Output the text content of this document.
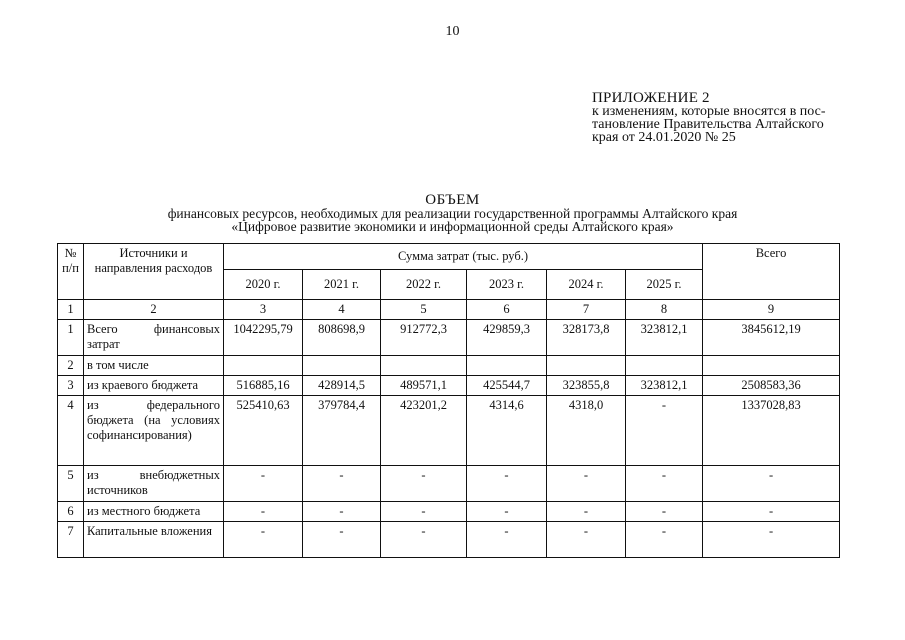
10
ПРИЛОЖЕНИЕ 2
к изменениям, которые вносятся в пос-
тановление Правительства Алтайского
края от 24.01.2020 № 25
ОБЪЕМ
финансовых ресурсов, необходимых для реализации государственной программы Алтайского края
«Цифровое развитие экономики и информационной среды Алтайского края»
№ п/п	Источники и направления расходов	Сумма затрат (тыс. руб.)						Всего
		2020 г.	2021 г.	2022 г.	2023 г.	2024 г.	2025 г.	
1	2	3	4	5	6	7	8	9
1	Всего финансовых затрат	1042295,79	808698,9	912772,3	429859,3	328173,8	323812,1	3845612,19
2	в том числе							
3	из краевого бюджета	516885,16	428914,5	489571,1	425544,7	323855,8	323812,1	2508583,36
4	из федерального бюджета (на условиях софинансирования)	525410,63	379784,4	423201,2	4314,6	4318,0	-	1337028,83
5	из внебюджетных источников	-	-	-	-	-	-	-
6	из местного бюджета	-	-	-	-	-	-	-
7	Капитальные вложения	-	-	-	-	-	-	-
